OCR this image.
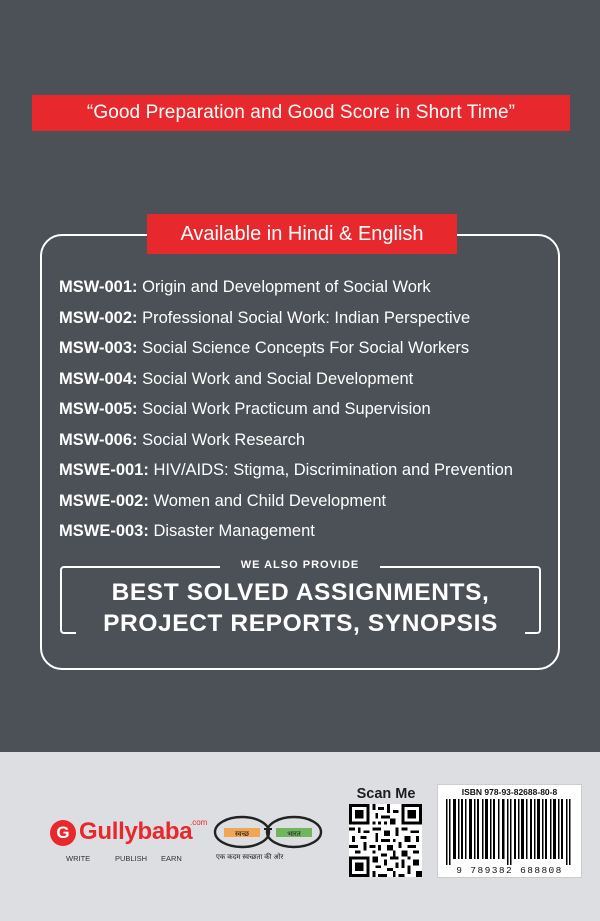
“Good Preparation and Good Score in Short Time”
Available in Hindi & English
MSW-001: Origin and Development of Social Work
MSW-002: Professional Social Work: Indian Perspective
MSW-003: Social Science Concepts For Social Workers
MSW-004: Social Work and Social Development
MSW-005: Social Work Practicum and Supervision
MSW-006: Social Work Research
MSWE-001: HIV/AIDS: Stigma, Discrimination and Prevention
MSWE-002: Women and Child Development
MSWE-003: Disaster Management
WE ALSO PROVIDE
BEST SOLVED ASSIGNMENTS,
PROJECT REPORTS, SYNOPSIS
G Gullybaba
.com
WRITE	PUBLISH EARN
स्वच्छ	भारत
एक कदम स्वच्छता की ओर
Scan Me	ISBN 978-93-82688-80-8
9 789382 688808
